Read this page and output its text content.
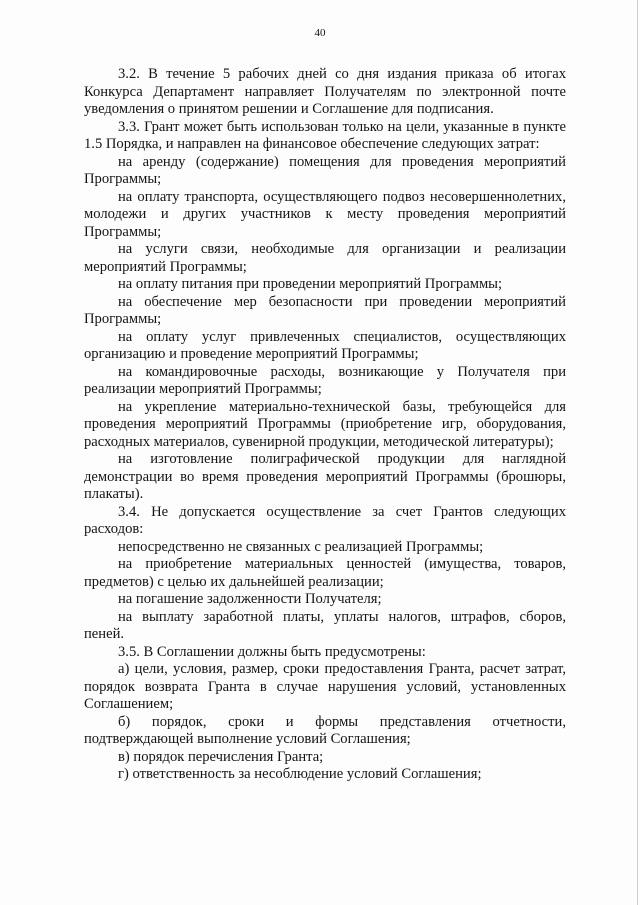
40

3.2. В течение 5 рабочих дней со дня издания приказа об итогах Конкурса Департамент направляет Получателям по электронной почте уведомления о принятом решении и Соглашение для подписания.

3.3. Грант может быть использован только на цели, указанные в пункте 1.5 Порядка, и направлен на финансовое обеспечение следующих затрат:

на аренду (содержание) помещения для проведения мероприятий Программы;

на оплату транспорта, осуществляющего подвоз несовершеннолетних, молодежи и других участников к месту проведения мероприятий Программы;

на услуги связи, необходимые для организации и реализации мероприятий Программы;

на оплату питания при проведении мероприятий Программы;

на обеспечение мер безопасности при проведении мероприятий Программы;

на оплату услуг привлеченных специалистов, осуществляющих организацию и проведение мероприятий Программы;

на командировочные расходы, возникающие у Получателя при реализации мероприятий Программы;

на укрепление материально-технической базы, требующейся для проведения мероприятий Программы (приобретение игр, оборудования, расходных материалов, сувенирной продукции, методической литературы);

на изготовление полиграфической продукции для наглядной демонстрации во время проведения мероприятий Программы (брошюры, плакаты).

3.4. Не допускается осуществление за счет Грантов следующих расходов:

непосредственно не связанных с реализацией Программы;

на приобретение материальных ценностей (имущества, товаров, предметов) с целью их дальнейшей реализации;

на погашение задолженности Получателя;

на выплату заработной платы, уплаты налогов, штрафов, сборов, пеней.

3.5. В Соглашении должны быть предусмотрены:

а) цели, условия, размер, сроки предоставления Гранта, расчет затрат, порядок возврата Гранта в случае нарушения условий, установленных Соглашением;

б) порядок, сроки и формы представления отчетности, подтверждающей выполнение условий Соглашения;

в) порядок перечисления Гранта;

г) ответственность за несоблюдение условий Соглашения;
